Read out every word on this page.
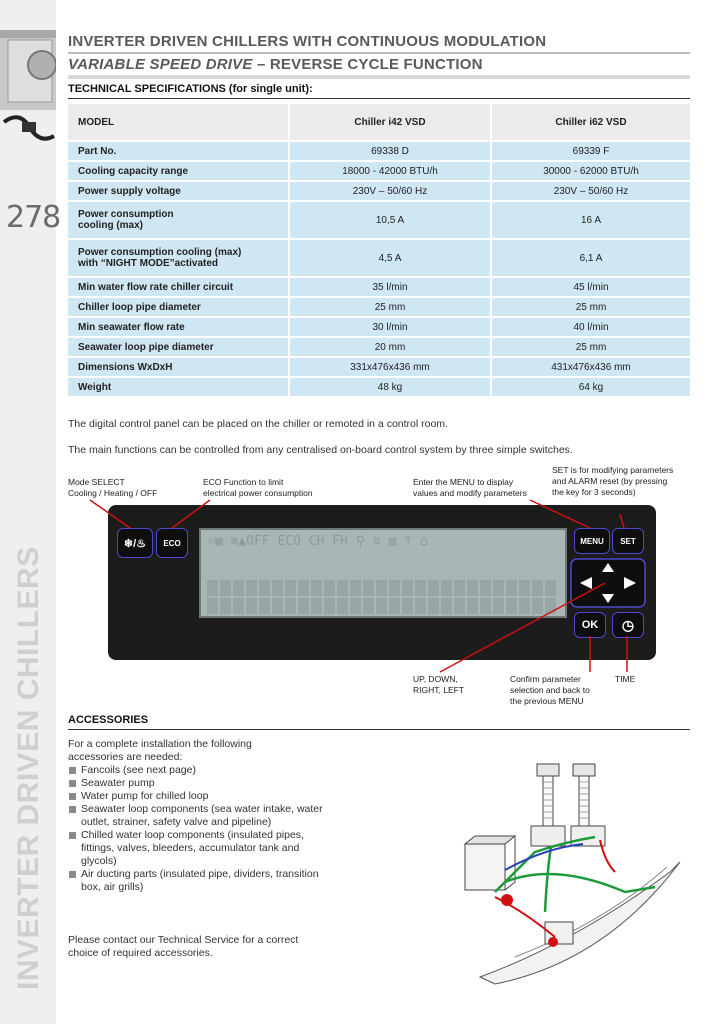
278
INVERTER DRIVEN CHILLERS
INVERTER DRIVEN CHILLERS WITH CONTINUOUS MODULATION
VARIABLE SPEED DRIVE – REVERSE CYCLE FUNCTION
TECHNICAL SPECIFICATIONS (for single unit):
MODEL	Chiller i42 VSD	Chiller i62 VSD
Part No.	69338 D	69339 F
Cooling capacity range	18000 - 42000 BTU/h	30000 - 62000 BTU/h
Power supply voltage	230V – 50/60 Hz	230V – 50/60 Hz

Power consumption
cooling (max)	10,5 A	16 A

Power consumption cooling (max)
with “NIGHT MODE”activated	4,5 A	6,1 A
Min water flow rate chiller circuit	35 l/min	45 l/min
Chiller loop pipe diameter	25 mm	25 mm
Min seawater flow rate	30 l/min	40 l/min
Seawater loop pipe diameter	20 mm	25 mm
Dimensions WxDxH	331x476x436 mm	431x476x436 mm
Weight	48 kg	64 kg
The digital control panel can be placed on the chiller or remoted in a control room.
The main functions can be controlled from any centralised on-board control system by three simple switches.
Mode SELECT
Cooling / Heating / OFF
ECO Function to limit
electrical power consumption
Enter the MENU to display
values and modify parameters
SET is for modifying parameters
and ALARM reset (by pressing
the key for 3 seconds)
UP, DOWN,
RIGHT, LEFT
Confirm parameter
selection and back to
the previous MENU
TIME
☼▦ ❄▲OFF ECO CH FH ⚲ ≋ ▥ ⊤ ⌂
❄/♨	ECO	MENU	SET
OK	◷
ACCESSORIES
For a complete installation the following accessories are needed:
Fancoils (see next page)
Seawater pump
Water pump for chilled loop
Seawater loop components (sea water intake, water outlet, strainer, safety valve and pipeline)
Chilled water loop components (insulated pipes, fittings, valves, bleeders, accumulator tank and glycols)
Air ducting parts (insulated pipe, dividers, transition box, air grills)
Please contact our Technical Service for a correct choice of required accessories.
